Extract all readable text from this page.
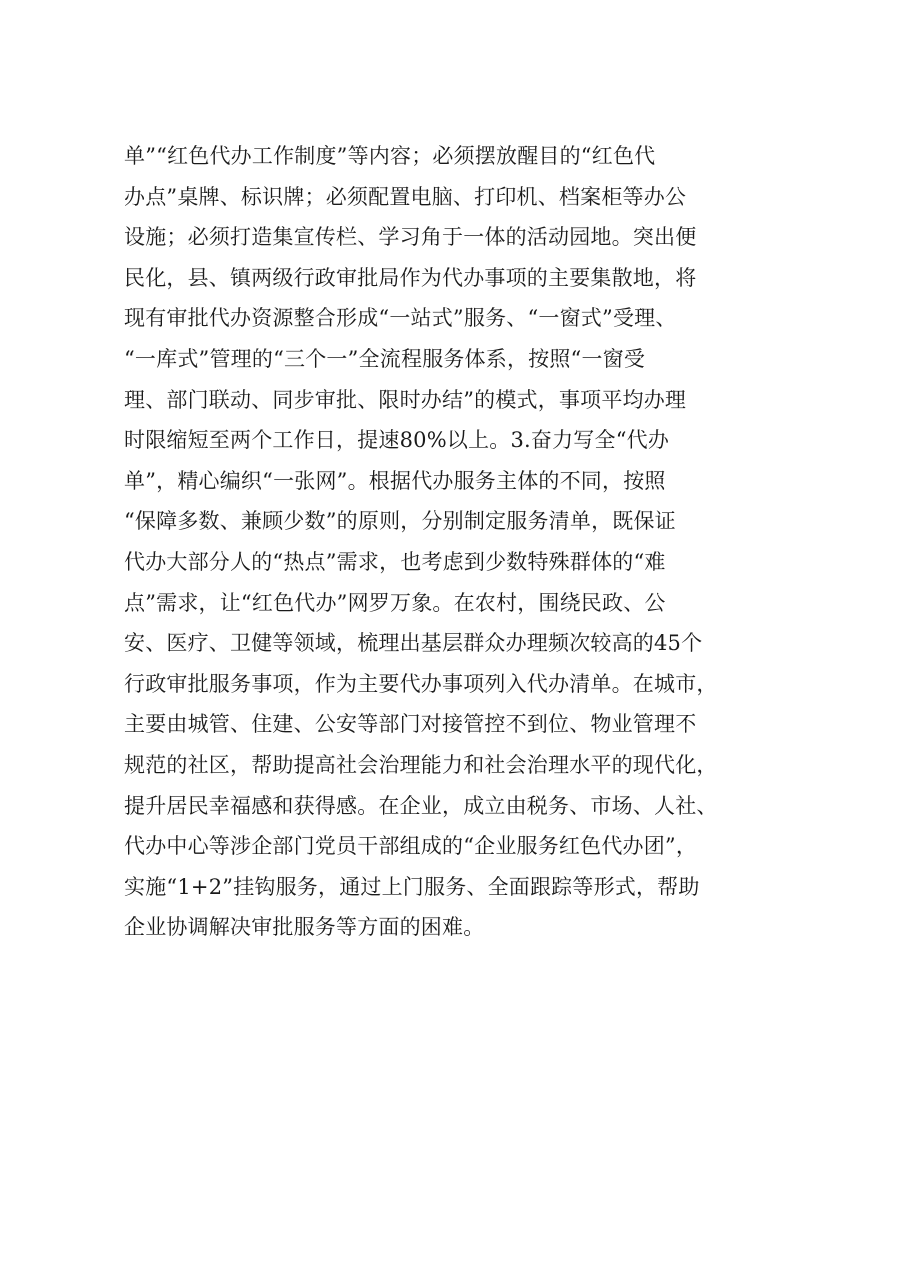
单”“红色代办工作制度”等内容；必须摆放醒目的“红色代
办点”桌牌、标识牌；必须配置电脑、打印机、档案柜等办公
设施；必须打造集宣传栏、学习角于一体的活动园地。突出便
民化，县、镇两级行政审批局作为代办事项的主要集散地，将
现有审批代办资源整合形成“一站式”服务、“一窗式”受理、
“一库式”管理的“三个一”全流程服务体系，按照“一窗受
理、部门联动、同步审批、限时办结”的模式，事项平均办理
时限缩短至两个工作日，提速80%以上。3.奋力写全“代办
单”，精心编织“一张网”。根据代办服务主体的不同，按照
“保障多数、兼顾少数”的原则，分别制定服务清单，既保证
代办大部分人的“热点”需求，也考虑到少数特殊群体的“难
点”需求，让“红色代办”网罗万象。在农村，围绕民政、公
安、医疗、卫健等领域，梳理出基层群众办理频次较高的45个
行政审批服务事项，作为主要代办事项列入代办清单。在城市，
主要由城管、住建、公安等部门对接管控不到位、物业管理不
规范的社区，帮助提高社会治理能力和社会治理水平的现代化，
提升居民幸福感和获得感。在企业，成立由税务、市场、人社、
代办中心等涉企部门党员干部组成的“企业服务红色代办团”，
实施“1+2”挂钩服务，通过上门服务、全面跟踪等形式，帮助
企业协调解决审批服务等方面的困难。
